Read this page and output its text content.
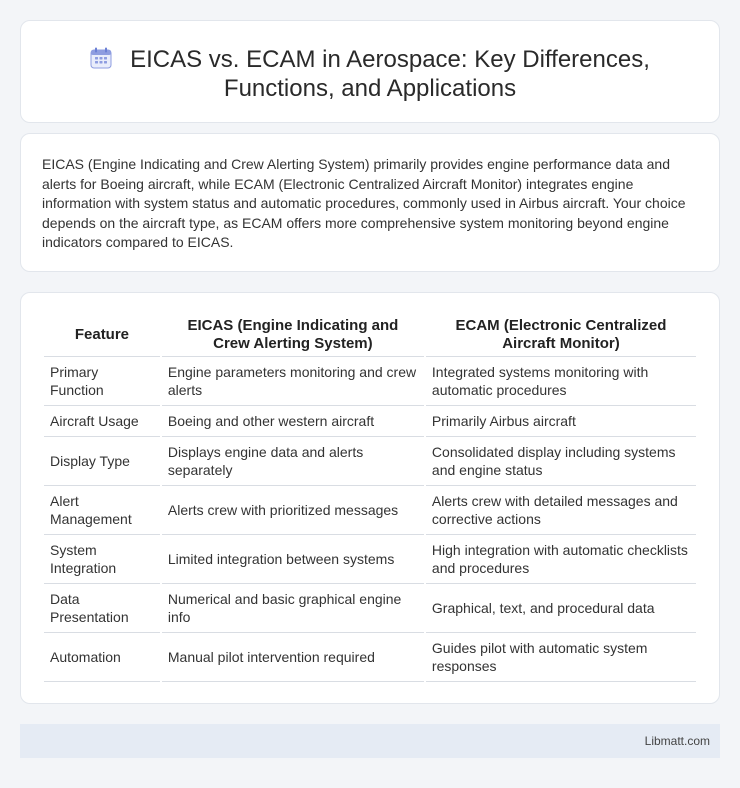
EICAS vs. ECAM in Aerospace: Key Differences,
Functions, and Applications

EICAS (Engine Indicating and Crew Alerting System) primarily provides engine performance data and alerts for Boeing aircraft, while ECAM (Electronic Centralized Aircraft Monitor) integrates engine information with system status and automatic procedures, commonly used in Airbus aircraft. Your choice depends on the aircraft type, as ECAM offers more comprehensive system monitoring beyond engine indicators compared to EICAS.

Feature	EICAS (Engine Indicating and Crew Alerting System)	ECAM (Electronic Centralized Aircraft Monitor)
Primary Function	Engine parameters monitoring and crew alerts	Integrated systems monitoring with automatic procedures
Aircraft Usage	Boeing and other western aircraft	Primarily Airbus aircraft
Display Type	Displays engine data and alerts separately	Consolidated display including systems and engine status
Alert Management	Alerts crew with prioritized messages	Alerts crew with detailed messages and corrective actions
System Integration	Limited integration between systems	High integration with automatic checklists and procedures
Data Presentation	Numerical and basic graphical engine info	Graphical, text, and procedural data
Automation	Manual pilot intervention required	Guides pilot with automatic system responses
Libmatt.com
